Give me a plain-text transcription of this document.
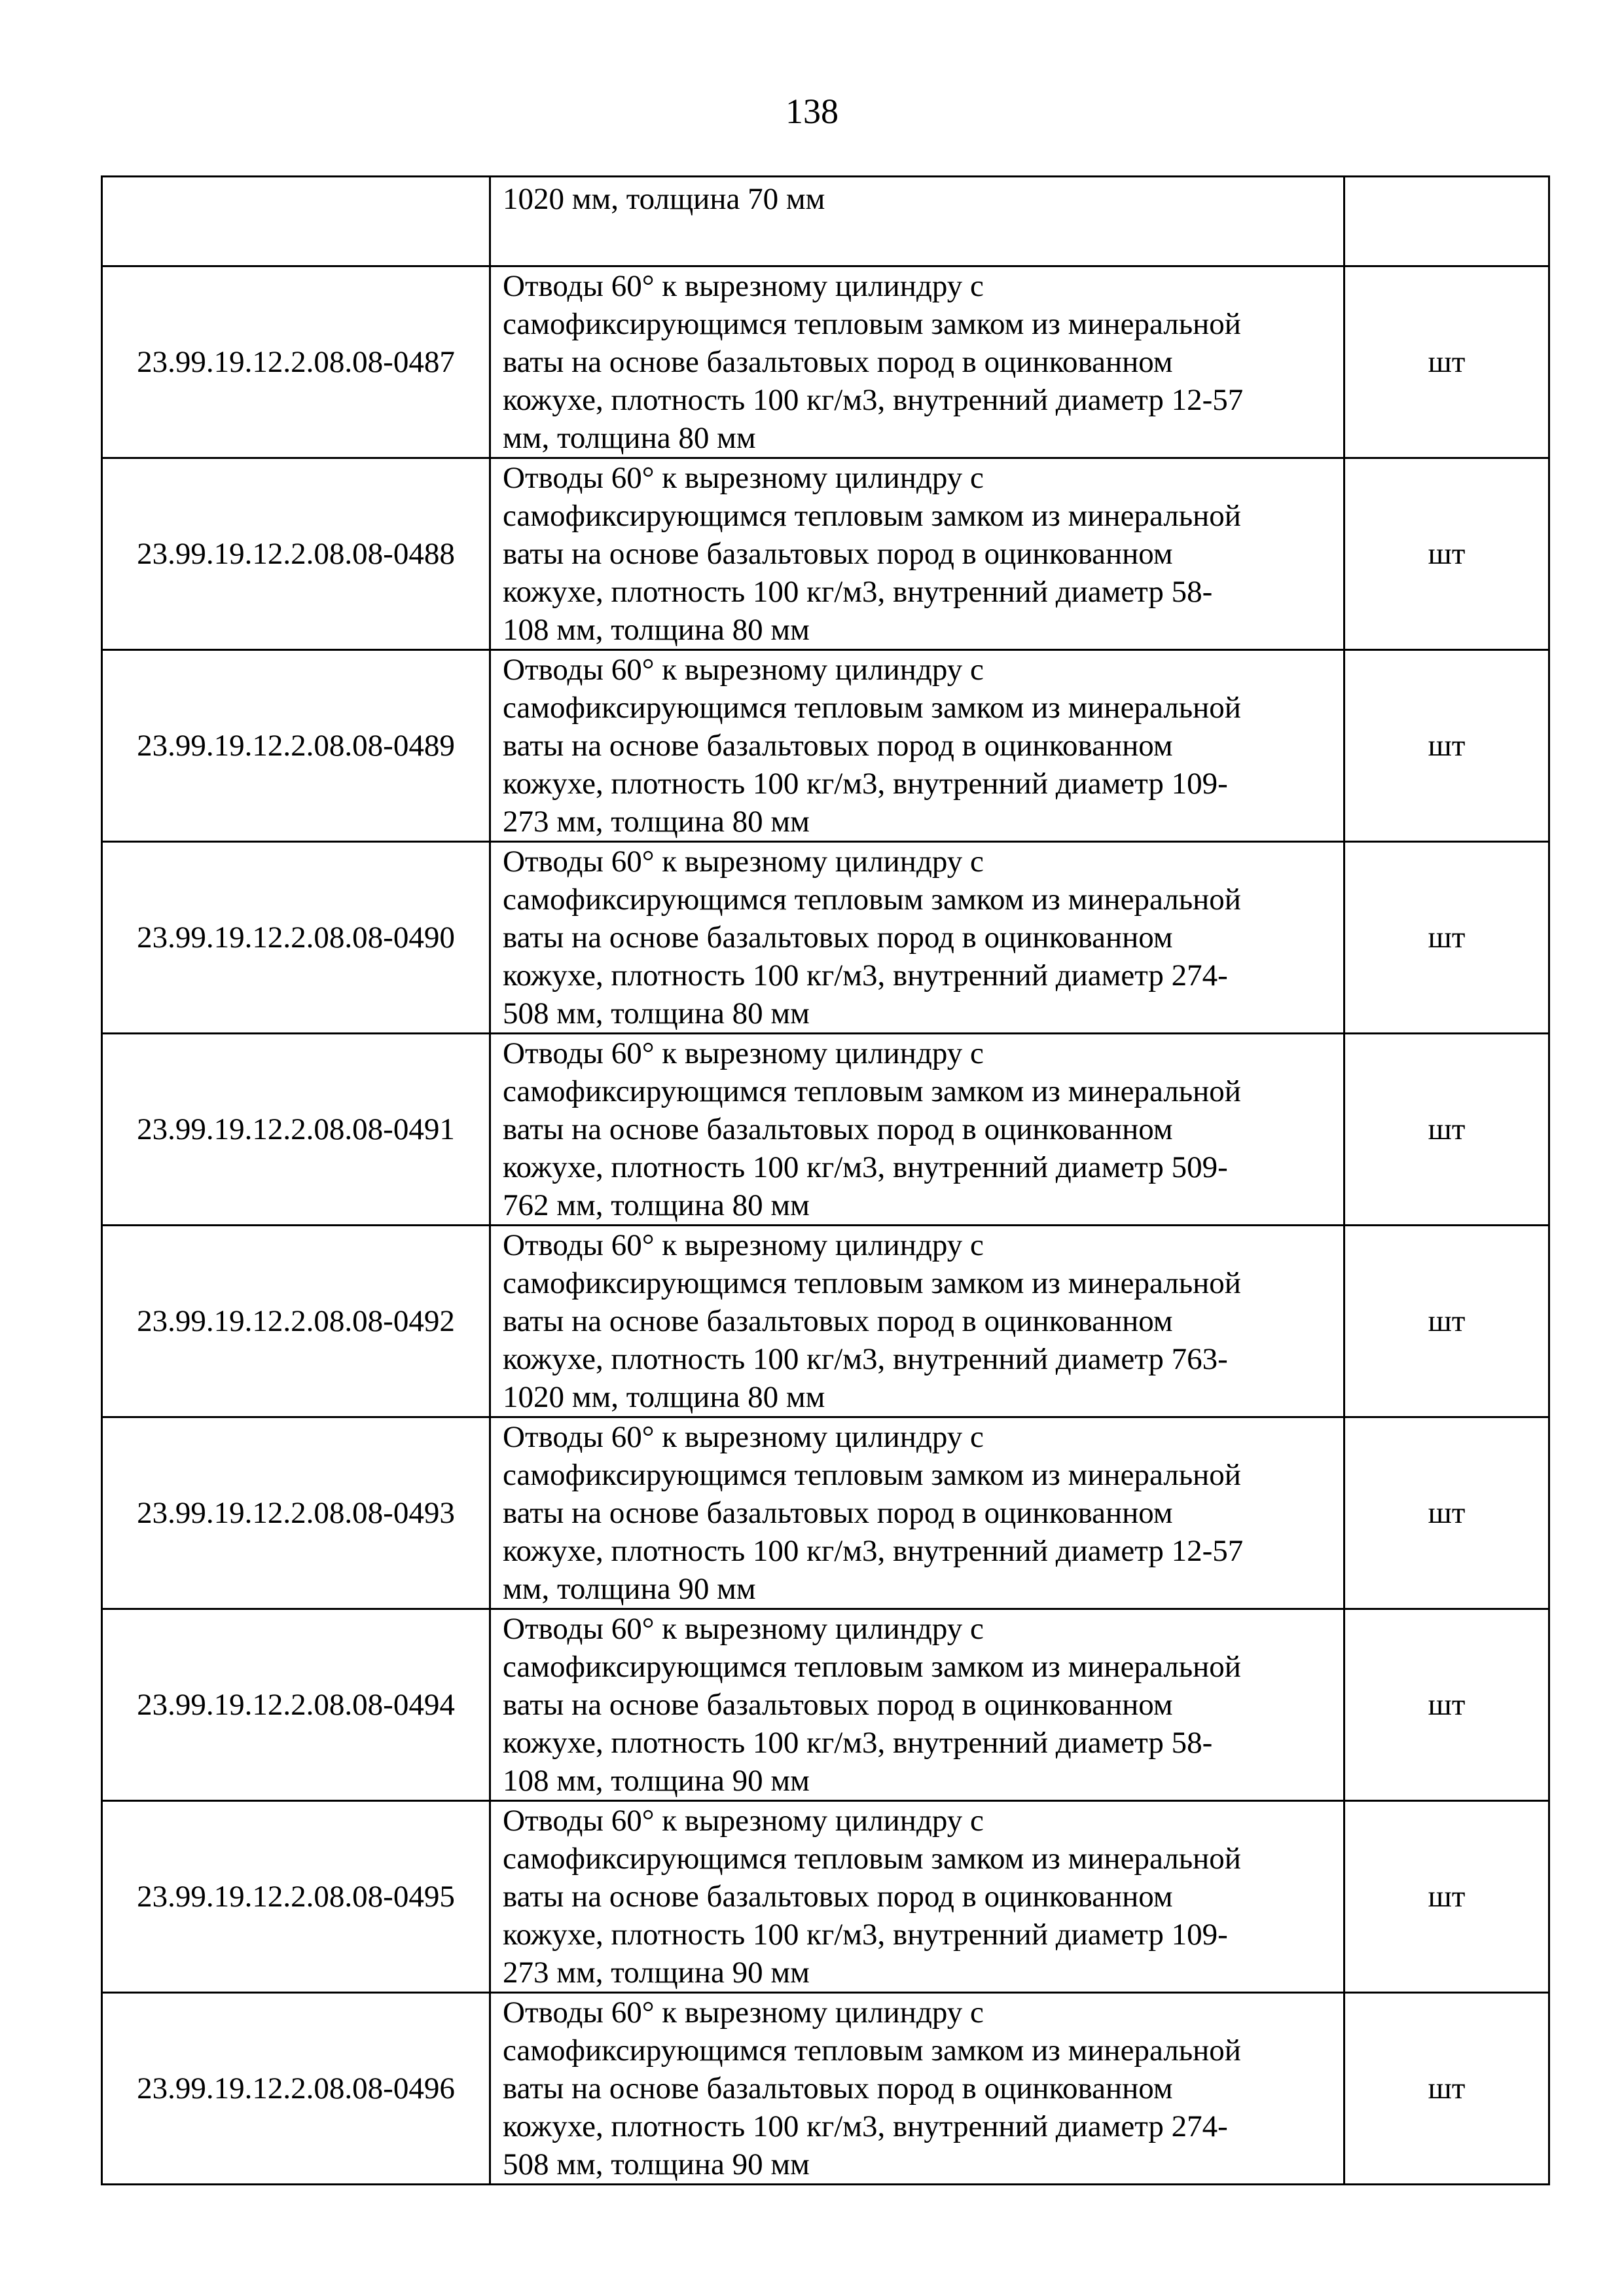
138
	1020 мм, толщина 70 мм	
23.99.19.12.2.08.08-0487	Отводы 60° к вырезному цилиндру с
самофиксирующимся тепловым замком из минеральной
ваты на основе базальтовых пород в оцинкованном
кожухе, плотность 100 кг/м3, внутренний диаметр 12-57
мм, толщина 80 мм	шт
23.99.19.12.2.08.08-0488	Отводы 60° к вырезному цилиндру с
самофиксирующимся тепловым замком из минеральной
ваты на основе базальтовых пород в оцинкованном
кожухе, плотность 100 кг/м3, внутренний диаметр 58-
108 мм, толщина 80 мм	шт
23.99.19.12.2.08.08-0489	Отводы 60° к вырезному цилиндру с
самофиксирующимся тепловым замком из минеральной
ваты на основе базальтовых пород в оцинкованном
кожухе, плотность 100 кг/м3, внутренний диаметр 109-
273 мм, толщина 80 мм	шт
23.99.19.12.2.08.08-0490	Отводы 60° к вырезному цилиндру с
самофиксирующимся тепловым замком из минеральной
ваты на основе базальтовых пород в оцинкованном
кожухе, плотность 100 кг/м3, внутренний диаметр 274-
508 мм, толщина 80 мм	шт
23.99.19.12.2.08.08-0491	Отводы 60° к вырезному цилиндру с
самофиксирующимся тепловым замком из минеральной
ваты на основе базальтовых пород в оцинкованном
кожухе, плотность 100 кг/м3, внутренний диаметр 509-
762 мм, толщина 80 мм	шт
23.99.19.12.2.08.08-0492	Отводы 60° к вырезному цилиндру с
самофиксирующимся тепловым замком из минеральной
ваты на основе базальтовых пород в оцинкованном
кожухе, плотность 100 кг/м3, внутренний диаметр 763-
1020 мм, толщина 80 мм	шт
23.99.19.12.2.08.08-0493	Отводы 60° к вырезному цилиндру с
самофиксирующимся тепловым замком из минеральной
ваты на основе базальтовых пород в оцинкованном
кожухе, плотность 100 кг/м3, внутренний диаметр 12-57
мм, толщина 90 мм	шт
23.99.19.12.2.08.08-0494	Отводы 60° к вырезному цилиндру с
самофиксирующимся тепловым замком из минеральной
ваты на основе базальтовых пород в оцинкованном
кожухе, плотность 100 кг/м3, внутренний диаметр 58-
108 мм, толщина 90 мм	шт
23.99.19.12.2.08.08-0495	Отводы 60° к вырезному цилиндру с
самофиксирующимся тепловым замком из минеральной
ваты на основе базальтовых пород в оцинкованном
кожухе, плотность 100 кг/м3, внутренний диаметр 109-
273 мм, толщина 90 мм	шт
23.99.19.12.2.08.08-0496	Отводы 60° к вырезному цилиндру с
самофиксирующимся тепловым замком из минеральной
ваты на основе базальтовых пород в оцинкованном
кожухе, плотность 100 кг/м3, внутренний диаметр 274-
508 мм, толщина 90 мм	шт
